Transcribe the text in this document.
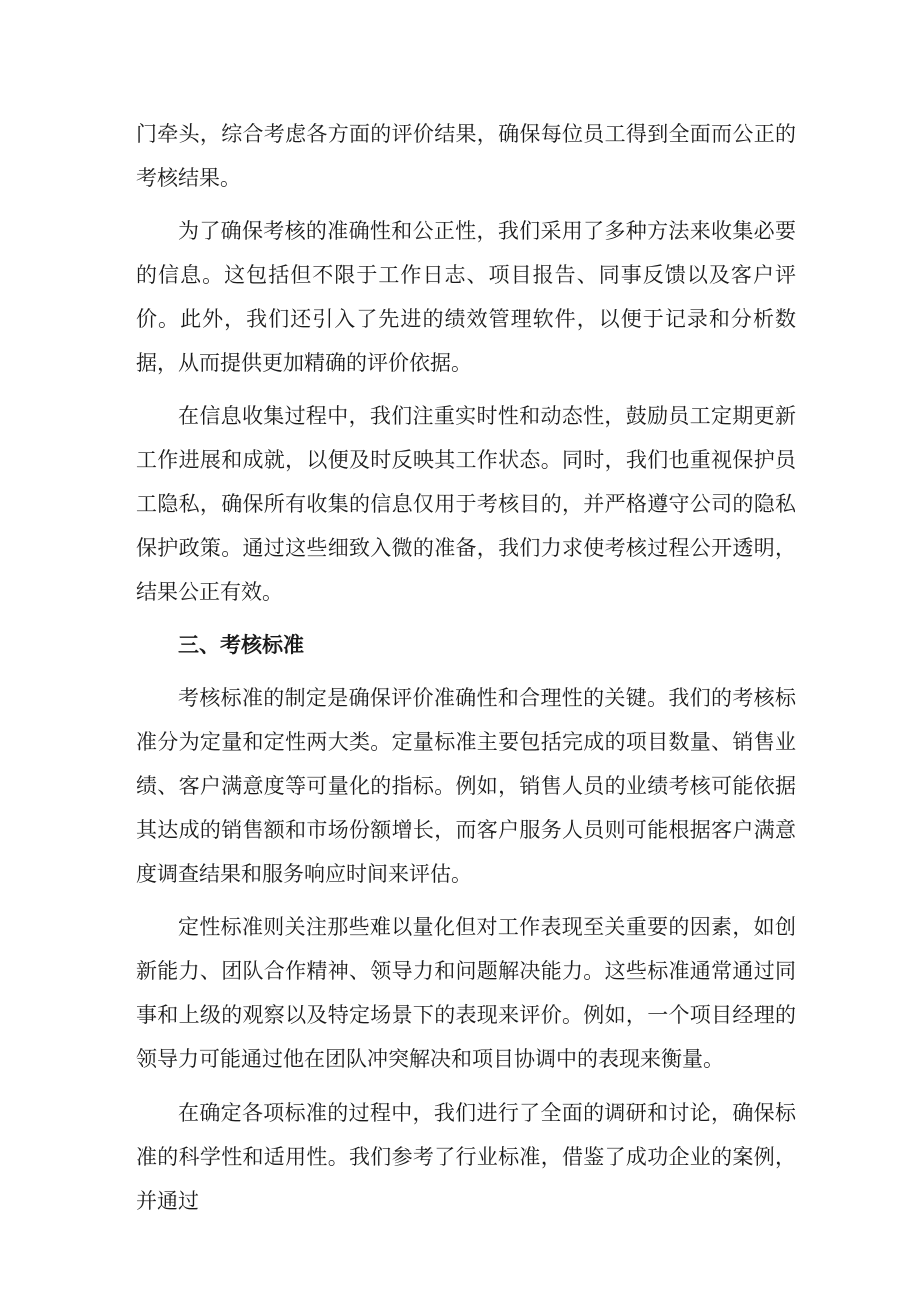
门牵头，综合考虑各方面的评价结果，确保每位员工得到全面而公正的考核结果。

为了确保考核的准确性和公正性，我们采用了多种方法来收集必要的信息。这包括但不限于工作日志、项目报告、同事反馈以及客户评价。此外，我们还引入了先进的绩效管理软件，以便于记录和分析数据，从而提供更加精确的评价依据。

在信息收集过程中，我们注重实时性和动态性，鼓励员工定期更新工作进展和成就，以便及时反映其工作状态。同时，我们也重视保护员工隐私，确保所有收集的信息仅用于考核目的，并严格遵守公司的隐私保护政策。通过这些细致入微的准备，我们力求使考核过程公开透明，结果公正有效。

三、考核标准

考核标准的制定是确保评价准确性和合理性的关键。我们的考核标准分为定量和定性两大类。定量标准主要包括完成的项目数量、销售业绩、客户满意度等可量化的指标。例如，销售人员的业绩考核可能依据其达成的销售额和市场份额增长，而客户服务人员则可能根据客户满意度调查结果和服务响应时间来评估。

定性标准则关注那些难以量化但对工作表现至关重要的因素，如创新能力、团队合作精神、领导力和问题解决能力。这些标准通常通过同事和上级的观察以及特定场景下的表现来评价。例如，一个项目经理的领导力可能通过他在团队冲突解决和项目协调中的表现来衡量。

在确定各项标准的过程中，我们进行了全面的调研和讨论，确保标准的科学性和适用性。我们参考了行业标准，借鉴了成功企业的案例，并通过
